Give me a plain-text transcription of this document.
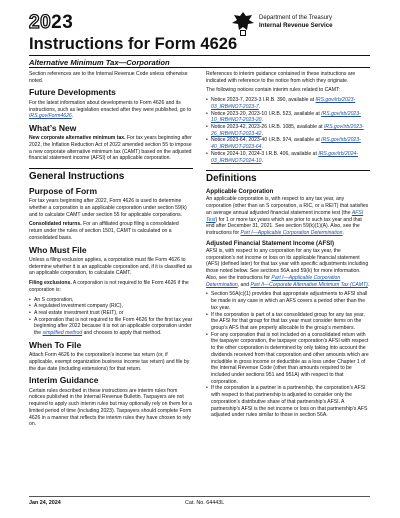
2023
Instructions for Form 4626
Department of the Treasury
Internal Revenue Service
Alternative Minimum Tax—Corporation

Section references are to the Internal Revenue Code unless otherwise noted.

Future Developments

For the latest information about developments to Form 4626 and its instructions, such as legislation enacted after they were published, go to IRS.gov/Form4626.

What’s New

New corporate alternative minimum tax. For tax years beginning after 2022, the Inflation Reduction Act of 2022 amended section 55 to impose a new corporate alternative minimum tax (CAMT) based on the adjusted financial statement income (AFSI) of an applicable corporation.

General Instructions
Purpose of Form

For tax years beginning after 2022, Form 4626 is used to determine whether a corporation is an applicable corporation under section 59(k) and to calculate CAMT under section 55 for applicable corporations.

Consolidated returns. For an affiliated group filing a consolidated return under the rules of section 1501, CAMT is calculated on a consolidated basis.

Who Must File

Unless a filing exclusion applies, a corporation must file Form 4626 to determine whether it is an applicable corporation and, if it is classified as an applicable corporation, to calculate CAMT.

Filing exclusions. A corporation is not required to file Form 4626 if the corporation is:

• An S corporation,
• A regulated investment company (RIC),
• A real estate investment trust (REIT), or
• A corporation that is not required to file Form 4626 for the first tax year beginning after 2022 because it is not an applicable corporation under the simplified method and chooses to apply that method.
When To File

Attach Form 4626 to the corporation’s income tax return (or, if applicable, exempt organization business income tax return) and file by the due date (including extensions) for that return.

Interim Guidance

Certain rules described in these instructions are interim rules from notices published in the Internal Revenue Bulletin. Taxpayers are not required to apply such interim rules but may optionally rely on them for a limited period of time (including 2023). Taxpayers should complete Form 4626 in a manner that reflects the interim rules they have chosen to rely on.

References to interim guidance contained in these instructions are indicated with reference to the notice from which they originate.

The following notices contain interim rules related to CAMT:

• Notice 2023-7, 2023-3 I.R.B. 390, available at IRS.gov/irb/2023-03_IRB#NOT-2023-7.
• Notice 2023-20, 2023-10 I.R.B. 523, available at IRS.gov/irb/2023-10_IRB#NOT-2023-20.
• Notice 2023-42, 2023-26 I.R.B. 1085, available at IRS.gov/irb/2023-26_IRB#NOT-2023-42.
• Notice 2023-64, 2023-40 I.R.B. 974, available at IRS.gov/irb/2023-40_IRB#NOT-2023-64.
• Notice 2024-10, 2024-3 I.R.B. 406, available at IRS.gov/irb/2024-03_IRB#NOT-2024-10.
Definitions
Applicable Corporation

An applicable corporation is, with respect to any tax year, any corporation (other than an S corporation, a RIC, or a REIT) that satisfies an average annual adjusted financial statement income test (the AFSI Test) for 1 or more tax years which are prior to such tax year and that end after December 31, 2021. See section 59(k)(1)(A). Also, see the instructions for Part I—Applicable Corporation Determination.

Adjusted Financial Statement Income (AFSI)

AFSI is, with respect to any corporation for any tax year, the corporation’s net income or loss on its applicable financial statement (AFS) (defined later) for that tax year with specific adjustments including those noted below. See sections 56A and 59(k) for more information. Also, see the instructions for Part I—Applicable Corporation Determination, and Part II—Corporate Alternative Minimum Tax (CAMT).

• Section 56A(c)(1) provides that appropriate adjustments to AFSI shall be made in any case in which an AFS covers a period other than the tax year.
• If the corporation is part of a tax consolidated group for any tax year, the AFSI for that group for that tax year must consider items on the group’s AFS that are properly allocable to the group’s members.
• For any corporation that is not included on a consolidated return with the taxpayer corporation, the taxpayer corporation’s AFSI with respect to the other corporation is determined by only taking into account the dividends received from that corporation and other amounts which are includible in gross income or deductible as a loss under Chapter 1 of the Internal Revenue Code (other than amounts required to be included under sections 951 and 951A) with respect to that corporation.
• If the corporation is a partner in a partnership, the corporation’s AFSI with respect to that partnership is adjusted to consider only the corporation’s distributive share of that partnership’s AFSI. A partnership’s AFSI is the net income or loss on that partnership’s AFS adjusted under rules similar to those in section 56A.
Jan 24, 2024	Cat. No. 64443L
